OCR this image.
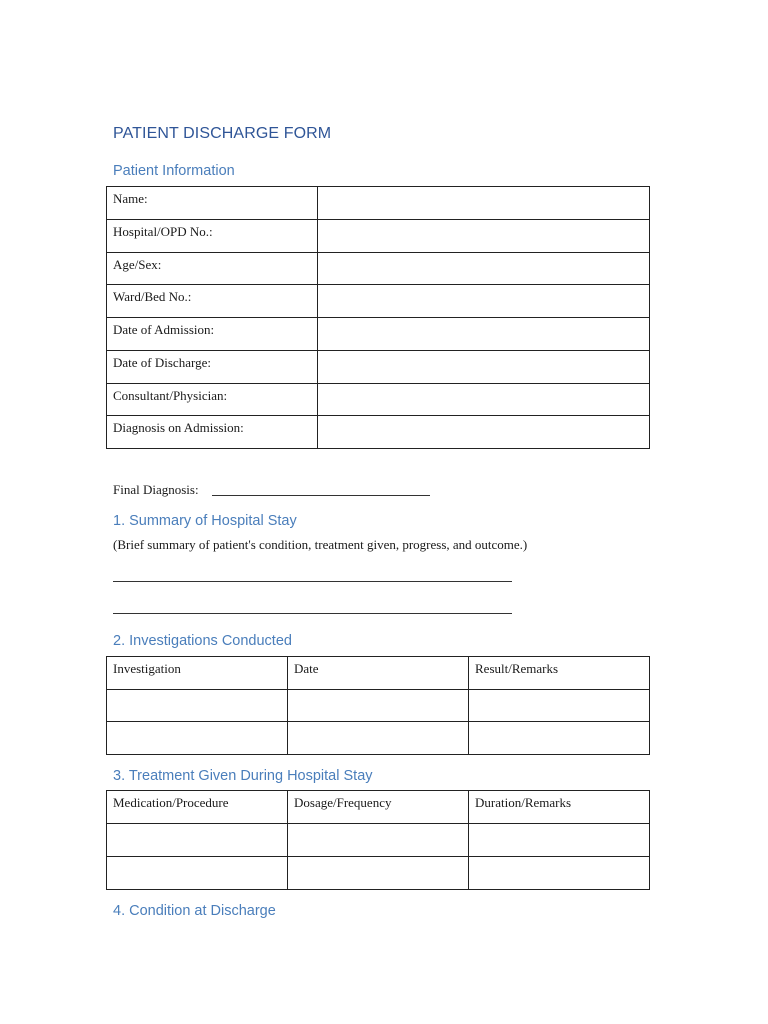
PATIENT DISCHARGE FORM
Patient Information
Name:	
Hospital/OPD No.:	
Age/Sex:	
Ward/Bed No.:	
Date of Admission:	
Date of Discharge:	
Consultant/Physician:	
Diagnosis on Admission:	
Final Diagnosis:
1. Summary of Hospital Stay
(Brief summary of patient's condition, treatment given, progress, and outcome.)
2. Investigations Conducted
Investigation	Date	Result/Remarks

3. Treatment Given During Hospital Stay
Medication/Procedure	Dosage/Frequency	Duration/Remarks

4. Condition at Discharge
